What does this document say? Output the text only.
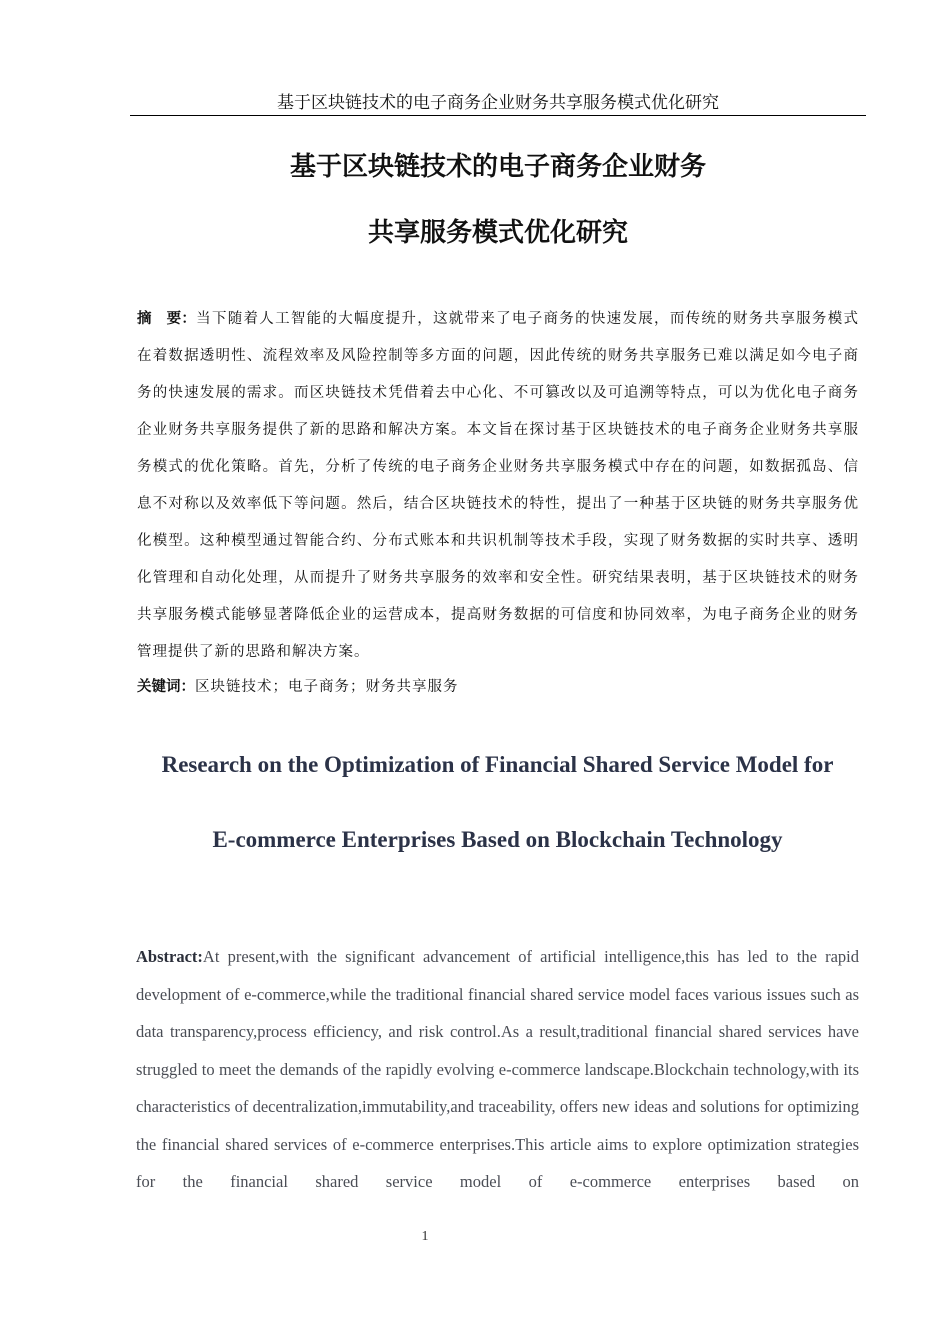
基于区块链技术的电子商务企业财务共享服务模式优化研究
基于区块链技术的电子商务企业财务
共享服务模式优化研究
摘　要：当下随着人工智能的大幅度提升，这就带来了电子商务的快速发展，而传统的财务共享服务模式在着数据透明性、流程效率及风险控制等多方面的问题，因此传统的财务共享服务已难以满足如今电子商务的快速发展的需求。而区块链技术凭借着去中心化、不可篡改以及可追溯等特点，可以为优化电子商务企业财务共享服务提供了新的思路和解决方案。本文旨在探讨基于区块链技术的电子商务企业财务共享服务模式的优化策略。首先，分析了传统的电子商务企业财务共享服务模式中存在的问题，如数据孤岛、信息不对称以及效率低下等问题。然后，结合区块链技术的特性，提出了一种基于区块链的财务共享服务优化模型。这种模型通过智能合约、分布式账本和共识机制等技术手段，实现了财务数据的实时共享、透明化管理和自动化处理，从而提升了财务共享服务的效率和安全性。研究结果表明，基于区块链技术的财务共享服务模式能够显著降低企业的运营成本，提高财务数据的可信度和协同效率，为电子商务企业的财务管理提供了新的思路和解决方案。
关键词：区块链技术；电子商务；财务共享服务
Research on the Optimization of Financial Shared Service Model for
E-commerce Enterprises Based on Blockchain Technology
Abstract:At present,with the significant advancement of artificial intelligence,this has led to the rapid development of e-commerce,while the traditional financial shared service model faces various issues such as data transparency,process efficiency, and risk control.As a result,traditional financial shared services have struggled to meet the demands of the rapidly evolving e-commerce landscape.Blockchain technology,with its characteristics of decentralization,immutability,and traceability, offers new ideas and solutions for optimizing the financial shared services of e-commerce enterprises.This article aims to explore optimization strategies for the financial shared service model of e-commerce enterprises based on
1
